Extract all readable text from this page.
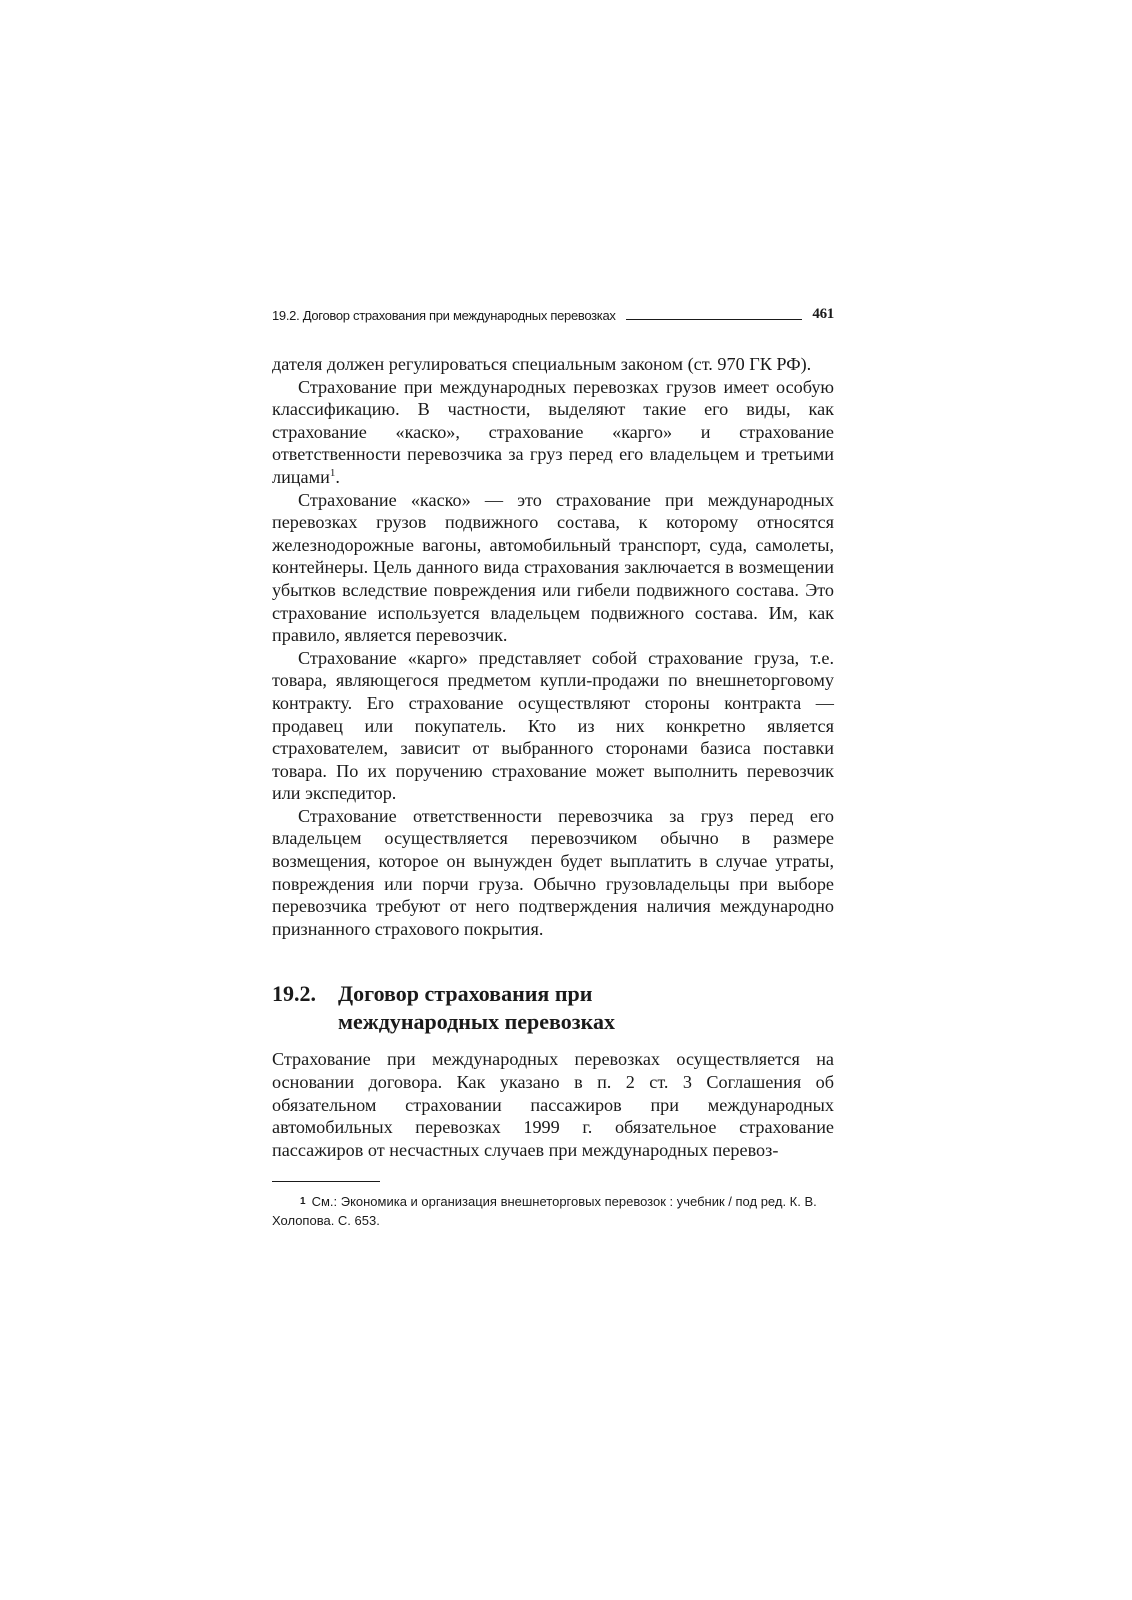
19.2. Договор страхования при международных перевозках	461

дателя должен регулироваться специальным законом (ст. 970 ГК РФ).

Страхование при международных перевозках грузов имеет особую классификацию. В частности, выделяют такие его виды, как страхование «каско», страхование «карго» и страхование ответственности перевозчика за груз перед его владельцем и третьими лицами$^1$.

Страхование «каско» — это страхование при международных перевозках грузов подвижного состава, к которому относятся железнодорожные вагоны, автомобильный транспорт, суда, самолеты, контейнеры. Цель данного вида страхования заключается в возмещении убытков вследствие повреждения или гибели подвижного состава. Это страхование используется владельцем подвижного состава. Им, как правило, является перевозчик.

Страхование «карго» представляет собой страхование груза, т.е. товара, являющегося предметом купли-продажи по внешнеторговому контракту. Его страхование осуществляют стороны контракта — продавец или покупатель. Кто из них конкретно является страхователем, зависит от выбранного сторонами базиса поставки товара. По их поручению страхование может выполнить перевозчик или экспедитор.

Страхование ответственности перевозчика за груз перед его владельцем осуществляется перевозчиком обычно в размере возмещения, которое он вынужден будет выплатить в случае утраты, повреждения или порчи груза. Обычно грузовладельцы при выборе перевозчика требуют от него подтверждения наличия международно признанного страхового покрытия.

19.2.	Договор страхования при
международных перевозках

Страхование при международных перевозках осуществляется на основании договора. Как указано в п. 2 ст. 3 Соглашения об обязательном страховании пассажиров при международных автомобильных перевозках 1999 г. обязательное страхование пассажиров от несчастных случаев при международных перевоз-

$^1$ См.: Экономика и организация внешнеторговых перевозок : учебник / под ред. К. В. Холопова. С. 653.
